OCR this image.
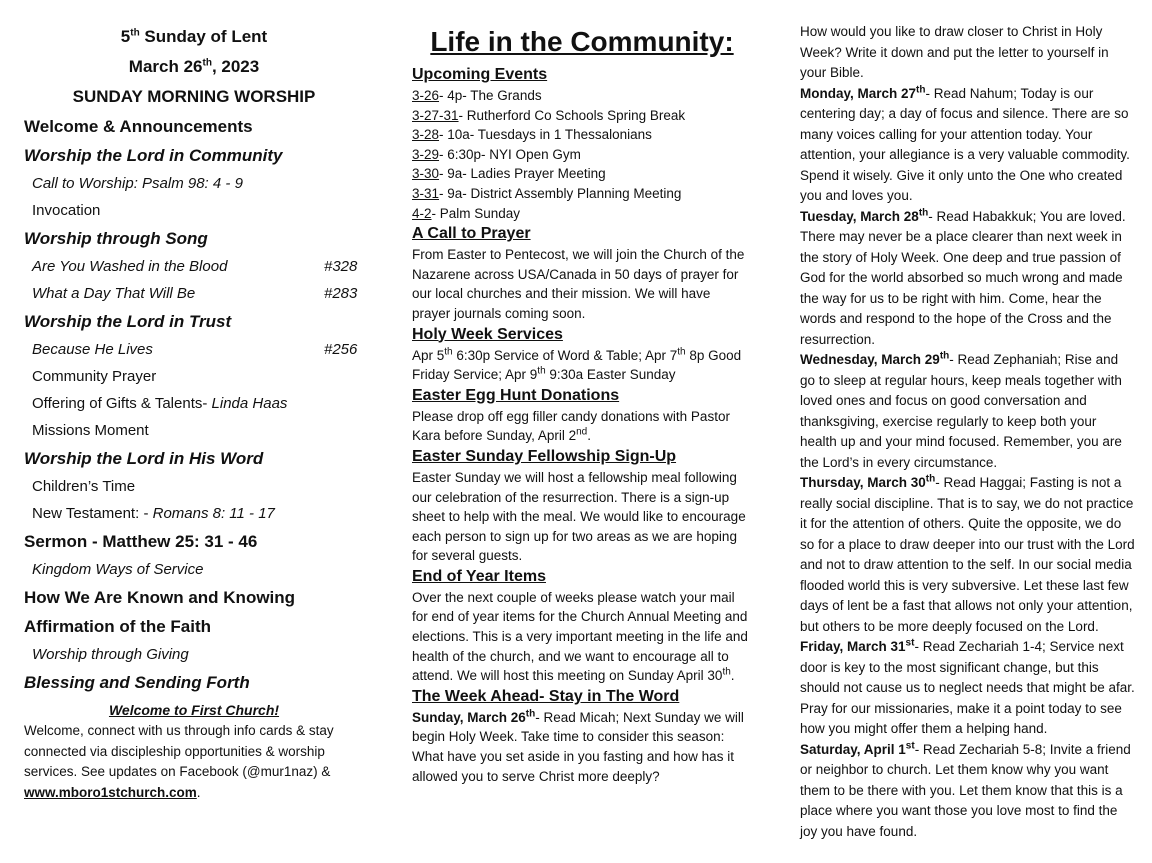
5th Sunday of Lent
March 26th, 2023
SUNDAY MORNING WORSHIP
Welcome & Announcements
Worship the Lord in Community
Call to Worship: Psalm 98: 4 - 9
Invocation
Worship through Song
Are You Washed in the Blood	#328
What a Day That Will Be	#283
Worship the Lord in Trust
Because He Lives	#256
Community Prayer
Offering of Gifts & Talents- Linda Haas
Missions Moment
Worship the Lord in His Word
Children’s Time
New Testament: - Romans 8: 11 - 17
Sermon - Matthew 25: 31 - 46
Kingdom Ways of Service
How We Are Known and Knowing
Affirmation of the Faith
Worship through Giving
Blessing and Sending Forth
Welcome to First Church!
Welcome, connect with us through info cards & stay connected via discipleship opportunities & worship services. See updates on Facebook (@mur1naz) & www.mboro1stchurch.com.
Life in the Community:
Upcoming Events
3-26- 4p- The Grands
3-27-31- Rutherford Co Schools Spring Break
3-28- 10a- Tuesdays in 1 Thessalonians
3-29- 6:30p- NYI Open Gym
3-30- 9a- Ladies Prayer Meeting
3-31- 9a- District Assembly Planning Meeting
4-2- Palm Sunday
A Call to Prayer
From Easter to Pentecost, we will join the Church of the Nazarene across USA/Canada in 50 days of prayer for our local churches and their mission. We will have prayer journals coming soon.
Holy Week Services
Apr 5th 6:30p Service of Word & Table; Apr 7th 8p Good Friday Service; Apr 9th 9:30a Easter Sunday
Easter Egg Hunt Donations
Please drop off egg filler candy donations with Pastor Kara before Sunday, April 2nd.
Easter Sunday Fellowship Sign-Up
Easter Sunday we will host a fellowship meal following our celebration of the resurrection. There is a sign-up sheet to help with the meal. We would like to encourage each person to sign up for two areas as we are hoping for several guests.
End of Year Items
Over the next couple of weeks please watch your mail for end of year items for the Church Annual Meeting and elections. This is a very important meeting in the life and health of the church, and we want to encourage all to attend. We will host this meeting on Sunday April 30th.
The Week Ahead- Stay in The Word
Sunday, March 26th- Read Micah; Next Sunday we will begin Holy Week. Take time to consider this season: What have you set aside in you fasting and how has it allowed you to serve Christ more deeply?
How would you like to draw closer to Christ in Holy Week? Write it down and put the letter to yourself in your Bible.
Monday, March 27th- Read Nahum; Today is our centering day; a day of focus and silence. There are so many voices calling for your attention today. Your attention, your allegiance is a very valuable commodity. Spend it wisely. Give it only unto the One who created you and loves you.
Tuesday, March 28th- Read Habakkuk; You are loved. There may never be a place clearer than next week in the story of Holy Week. One deep and true passion of God for the world absorbed so much wrong and made the way for us to be right with him. Come, hear the words and respond to the hope of the Cross and the resurrection.
Wednesday, March 29th- Read Zephaniah; Rise and go to sleep at regular hours, keep meals together with loved ones and focus on good conversation and thanksgiving, exercise regularly to keep both your health up and your mind focused. Remember, you are the Lord’s in every circumstance.
Thursday, March 30th- Read Haggai; Fasting is not a really social discipline. That is to say, we do not practice it for the attention of others. Quite the opposite, we do so for a place to draw deeper into our trust with the Lord and not to draw attention to the self. In our social media flooded world this is very subversive. Let these last few days of lent be a fast that allows not only your attention, but others to be more deeply focused on the Lord.
Friday, March 31st- Read Zechariah 1-4; Service next door is key to the most significant change, but this should not cause us to neglect needs that might be afar. Pray for our missionaries, make it a point today to see how you might offer them a helping hand.
Saturday, April 1st- Read Zechariah 5-8; Invite a friend or neighbor to church. Let them know why you want them to be there with you. Let them know that this is a place where you want those you love most to find the joy you have found.
